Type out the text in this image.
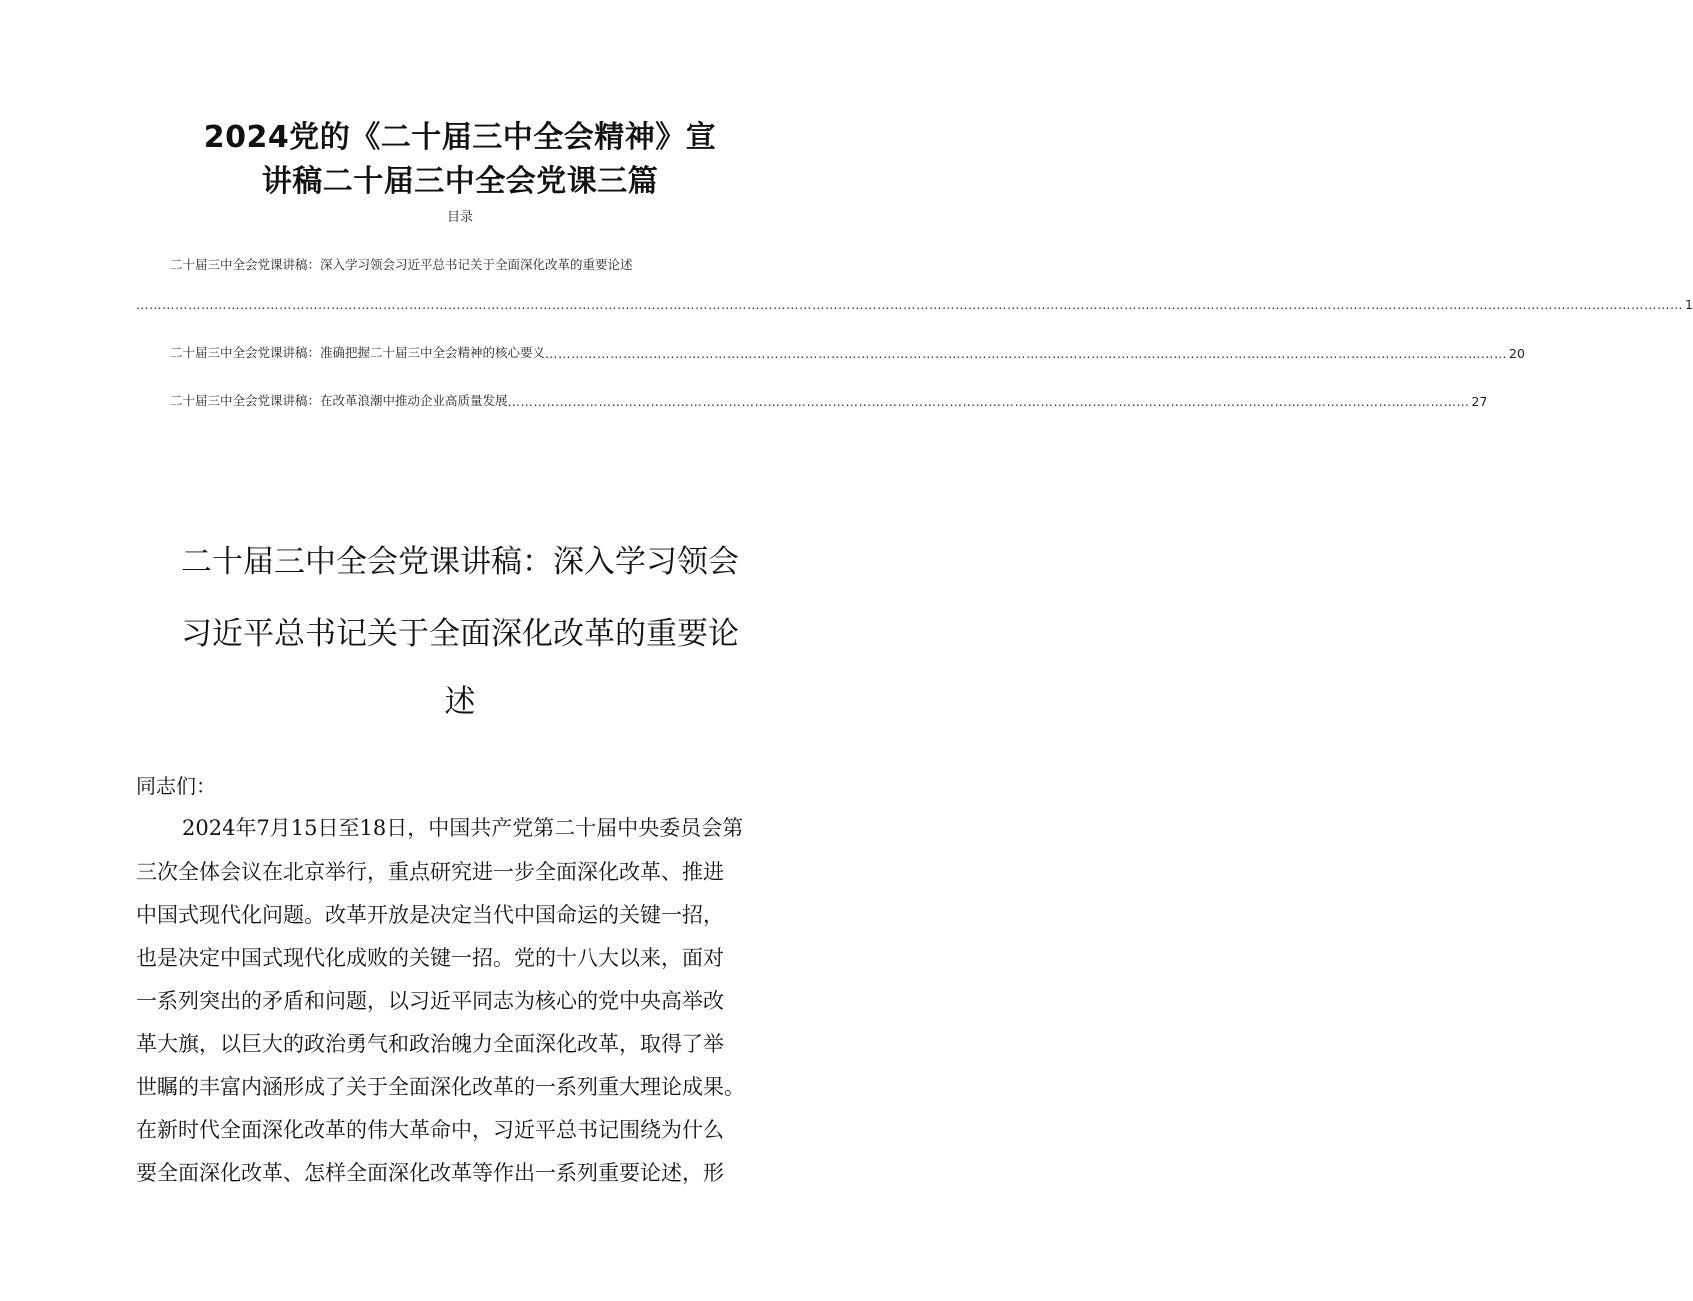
2024党的《二十届三中全会精神》宣
讲稿二十届三中全会党课三篇
目录
二十届三中全会党课讲稿：深入学习领会习近平总书记关于全面深化改革的重要论述
…………………………………………………………………………………………………………………………………………………………………………………………………………………………………………………………………………………………………………………………… 1
二十届三中全会党课讲稿：准确把握二十届三中全会精神的核心要义 …………………………………………………………………………………………………………………………………………………………………………………………………… 20
二十届三中全会党课讲稿：在改革浪潮中推动企业高质量发展 …………………………………………………………………………………………………………………………………………………………………………………………………… 27
二十届三中全会党课讲稿：深入学习领会
习近平总书记关于全面深化改革的重要论
述
同志们：
2024年7月15日至18日，中国共产党第二十届中央委员会第
三次全体会议在北京举行，重点研究进一步全面深化改革、推进
中国式现代化问题。改革开放是决定当代中国命运的关键一招，
也是决定中国式现代化成败的关键一招。党的十八大以来，面对
一系列突出的矛盾和问题，以习近平同志为核心的党中央高举改
革大旗，以巨大的政治勇气和政治魄力全面深化改革，取得了举
世瞩的丰富内涵形成了关于全面深化改革的一系列重大理论成果。
在新时代全面深化改革的伟大革命中，习近平总书记围绕为什么
要全面深化改革、怎样全面深化改革等作出一系列重要论述，形
